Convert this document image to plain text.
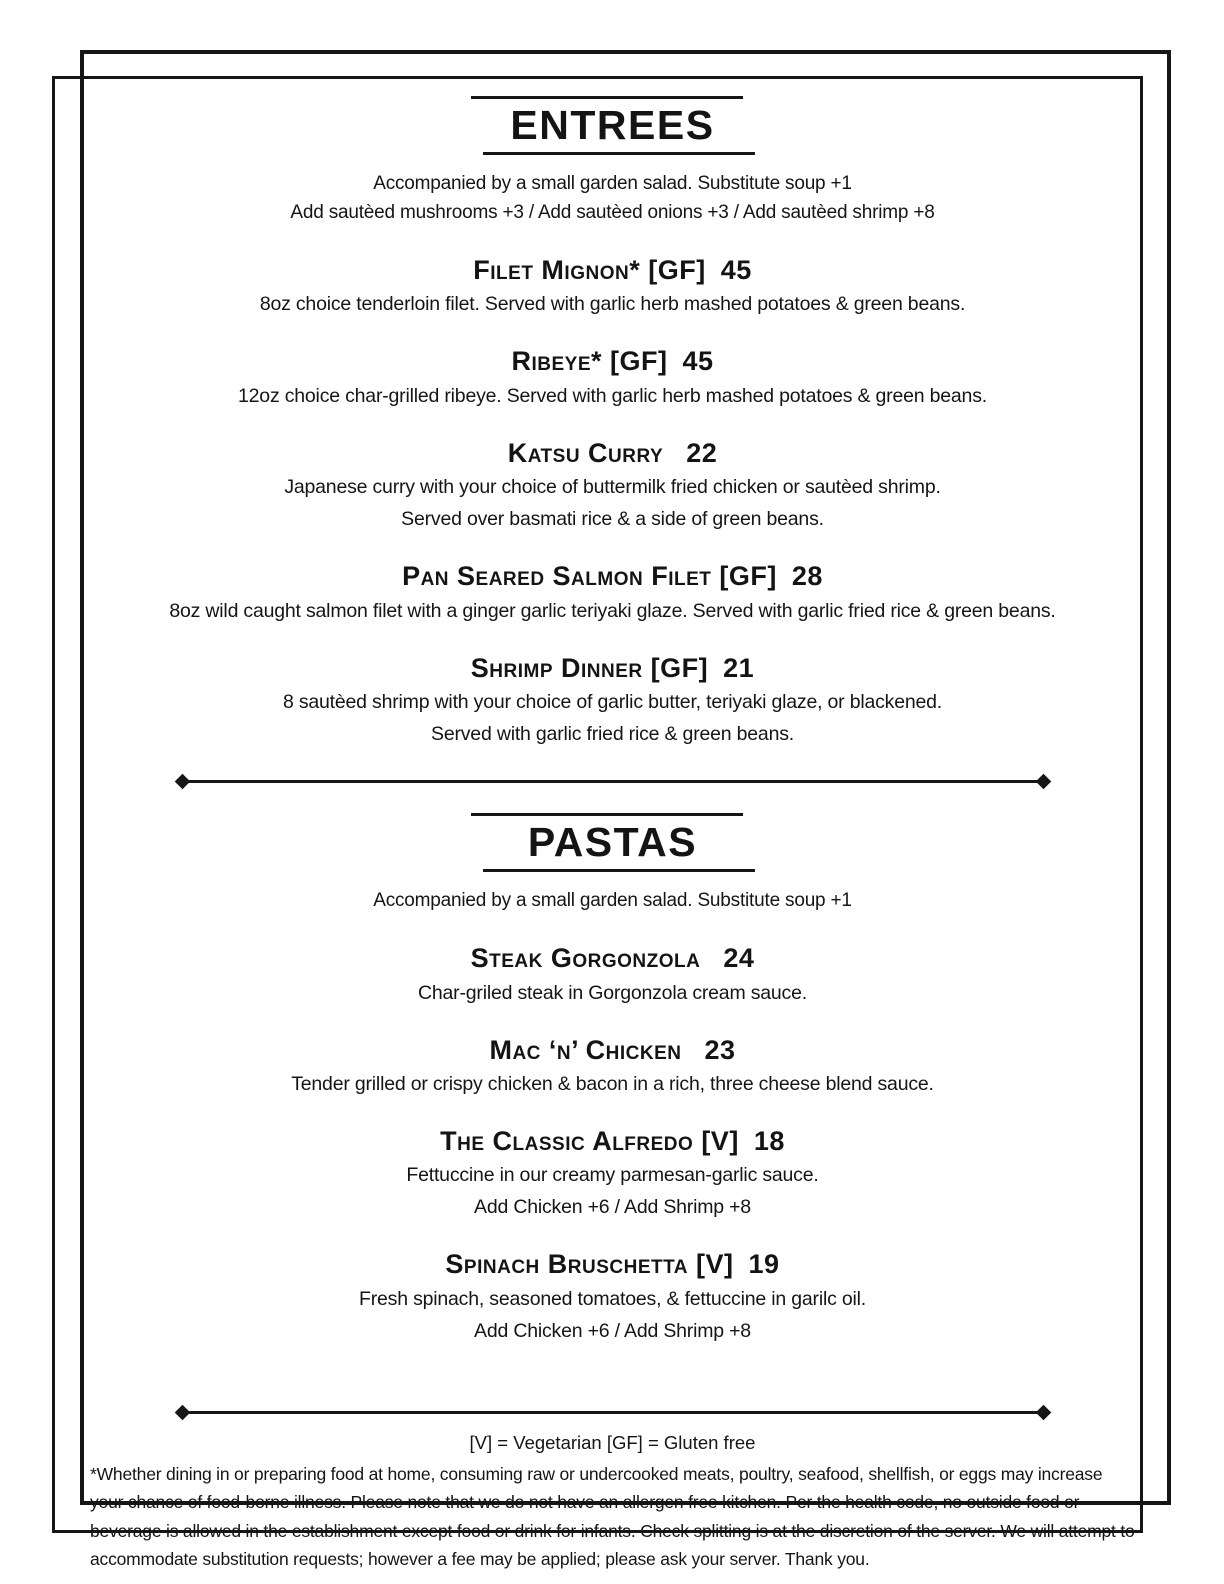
ENTREES

Accompanied by a small garden salad. Substitute soup +1

Add sautèed mushrooms +3 / Add sautèed onions +3 / Add sautèed shrimp +8

Filet Mignon* [GF] 45

8oz choice tenderloin filet. Served with garlic herb mashed potatoes & green beans.

Ribeye* [GF] 45

12oz choice char-grilled ribeye. Served with garlic herb mashed potatoes & green beans.

Katsu Curry 22

Japanese curry with your choice of buttermilk fried chicken or sautèed shrimp.

Served over basmati rice & a side of green beans.

Pan Seared Salmon Filet [GF] 28

8oz wild caught salmon filet with a ginger garlic teriyaki glaze. Served with garlic fried rice & green beans.

Shrimp Dinner [GF] 21

8 sautèed shrimp with your choice of garlic butter, teriyaki glaze, or blackened.

Served with garlic fried rice & green beans.

PASTAS

Accompanied by a small garden salad. Substitute soup +1

Steak Gorgonzola 24

Char-griled steak in Gorgonzola cream sauce.

Mac ‘n’ Chicken 23

Tender grilled or crispy chicken & bacon in a rich, three cheese blend sauce.

The Classic Alfredo [V] 18

Fettuccine in our creamy parmesan-garlic sauce.

Add Chicken +6 / Add Shrimp +8

Spinach Bruschetta [V] 19

Fresh spinach, seasoned tomatoes, & fettuccine in garilc oil.

Add Chicken +6 / Add Shrimp +8

[V] = Vegetarian [GF] = Gluten free

*Whether dining in or preparing food at home, consuming raw or undercooked meats, poultry, seafood, shellfish, or eggs may increase your chance of food-borne illness. Please note that we do not have an allergen free kitchen. Per the health code, no outside food or beverage is allowed in the establishment except food or drink for infants. Check splitting is at the discretion of the server. We will attempt to accommodate substitution requests; however a fee may be applied; please ask your server. Thank you.
